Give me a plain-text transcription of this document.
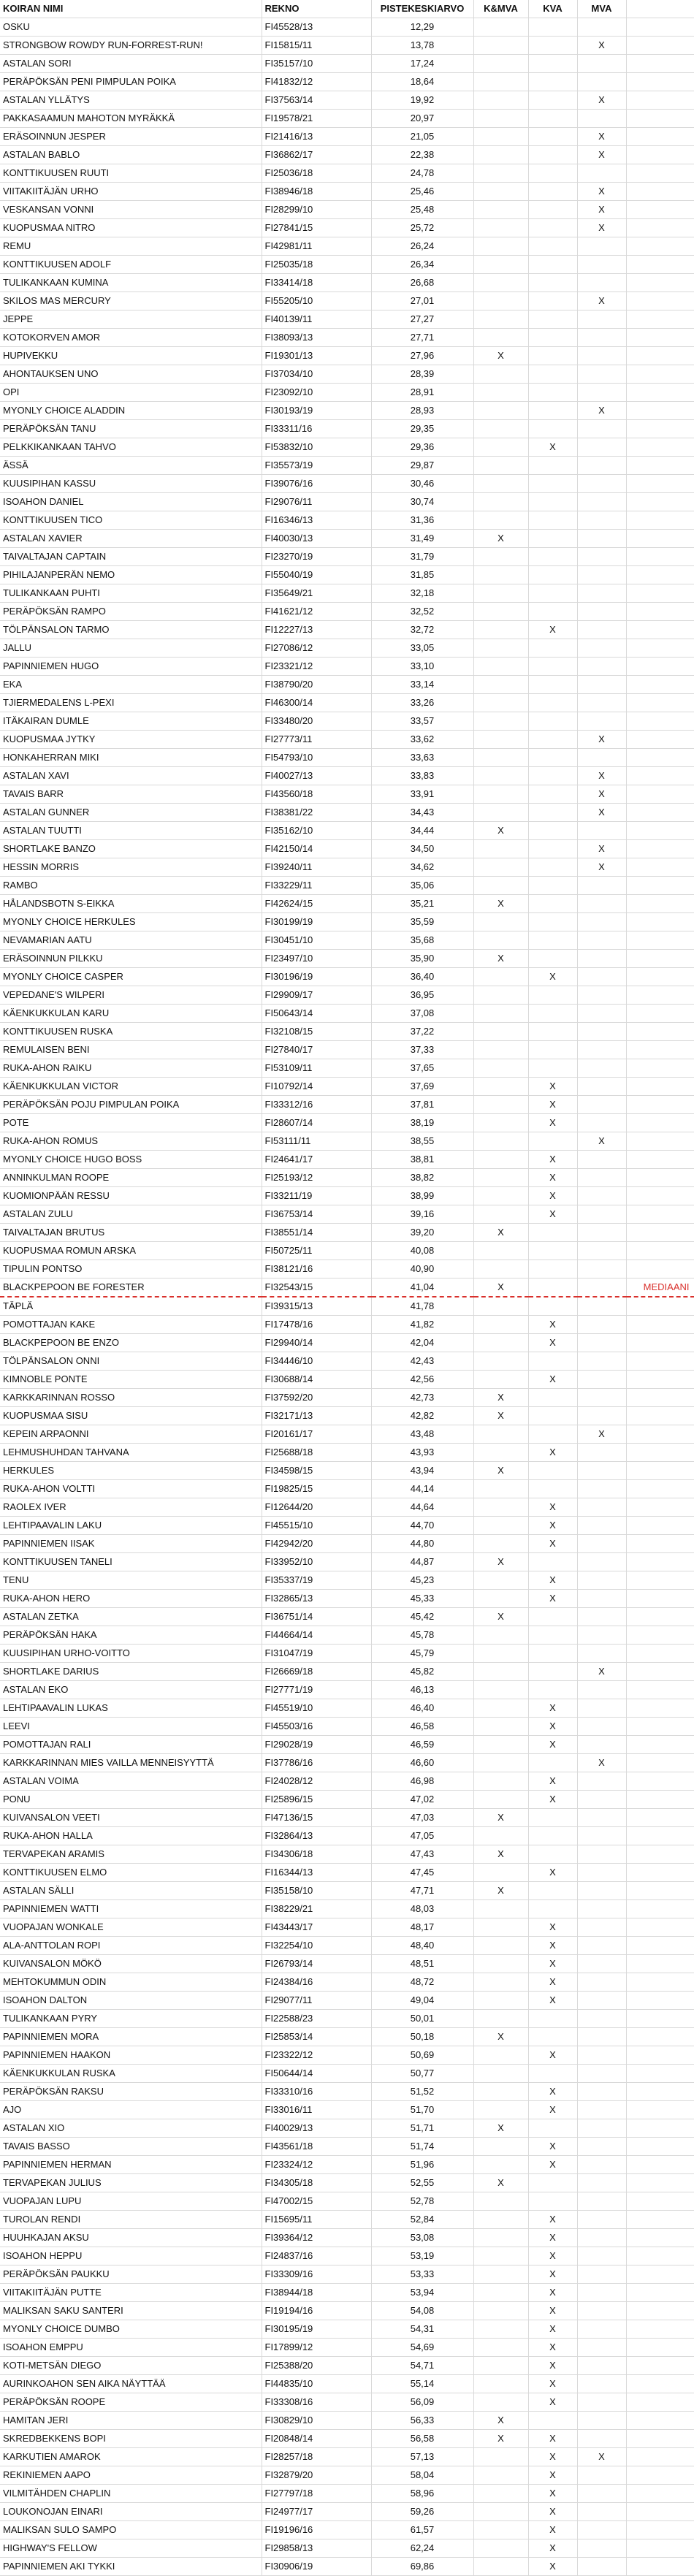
KOIRAN NIMI	REKNO	PISTEKESKIARVO	K&MVA	KVA	MVA	
OSKU	FI45528/13	12,29				
STRONGBOW ROWDY RUN-FORREST-RUN!	FI15815/11	13,78			X	
ASTALAN SORI	FI35157/10	17,24				
PERÄPÖKSÄN PENI PIMPULAN POIKA	FI41832/12	18,64				
ASTALAN YLLÄTYS	FI37563/14	19,92			X	
PAKKASAAMUN MAHOTON MYRÄKKÄ	FI19578/21	20,97				
ERÄSOINNUN JESPER	FI21416/13	21,05			X	
ASTALAN BABLO	FI36862/17	22,38			X	
KONTTIKUUSEN RUUTI	FI25036/18	24,78				
VIITAKIITÄJÄN URHO	FI38946/18	25,46			X	
VESKANSAN VONNI	FI28299/10	25,48			X	
KUOPUSMAA NITRO	FI27841/15	25,72			X	
REMU	FI42981/11	26,24				
KONTTIKUUSEN ADOLF	FI25035/18	26,34				
TULIKANKAAN KUMINA	FI33414/18	26,68				
SKILOS MAS MERCURY	FI55205/10	27,01			X	
JEPPE	FI40139/11	27,27				
KOTOKORVEN AMOR	FI38093/13	27,71				
HUPIVEKKU	FI19301/13	27,96	X			
AHONTAUKSEN UNO	FI37034/10	28,39				
OPI	FI23092/10	28,91				
MYONLY CHOICE ALADDIN	FI30193/19	28,93			X	
PERÄPÖKSÄN TANU	FI33311/16	29,35				
PELKKIKANKAAN TAHVO	FI53832/10	29,36		X		
ÄSSÄ	FI35573/19	29,87				
KUUSIPIHAN KASSU	FI39076/16	30,46				
ISOAHON DANIEL	FI29076/11	30,74				
KONTTIKUUSEN TICO	FI16346/13	31,36				
ASTALAN XAVIER	FI40030/13	31,49	X			
TAIVALTAJAN CAPTAIN	FI23270/19	31,79				
PIHILAJANPERÄN NEMO	FI55040/19	31,85				
TULIKANKAAN PUHTI	FI35649/21	32,18				
PERÄPÖKSÄN RAMPO	FI41621/12	32,52				
TÖLPÄNSALON TARMO	FI12227/13	32,72		X		
JALLU	FI27086/12	33,05				
PAPINNIEMEN HUGO	FI23321/12	33,10				
EKA	FI38790/20	33,14				
TJIERMEDALENS L-PEXI	FI46300/14	33,26				
ITÄKAIRAN DUMLE	FI33480/20	33,57				
KUOPUSMAA JYTKY	FI27773/11	33,62			X	
HONKAHERRAN MIKI	FI54793/10	33,63				
ASTALAN XAVI	FI40027/13	33,83			X	
TAVAIS BARR	FI43560/18	33,91			X	
ASTALAN GUNNER	FI38381/22	34,43			X	
ASTALAN TUUTTI	FI35162/10	34,44	X			
SHORTLAKE BANZO	FI42150/14	34,50			X	
HESSIN MORRIS	FI39240/11	34,62			X	
RAMBO	FI33229/11	35,06				
HÅLANDSBOTN S-EIKKA	FI42624/15	35,21	X			
MYONLY CHOICE HERKULES	FI30199/19	35,59				
NEVAMARIAN AATU	FI30451/10	35,68				
ERÄSOINNUN PILKKU	FI23497/10	35,90	X			
MYONLY CHOICE CASPER	FI30196/19	36,40		X		
VEPEDANE'S WILPERI	FI29909/17	36,95				
KÄENKUKKULAN KARU	FI50643/14	37,08				
KONTTIKUUSEN RUSKA	FI32108/15	37,22				
REMULAISEN BENI	FI27840/17	37,33				
RUKA-AHON RAIKU	FI53109/11	37,65				
KÄENKUKKULAN VICTOR	FI10792/14	37,69		X		
PERÄPÖKSÄN POJU PIMPULAN POIKA	FI33312/16	37,81		X		
POTE	FI28607/14	38,19		X		
RUKA-AHON ROMUS	FI53111/11	38,55			X	
MYONLY CHOICE HUGO BOSS	FI24641/17	38,81		X		
ANNINKULMAN ROOPE	FI25193/12	38,82		X		
KUOMIONPÄÄN RESSU	FI33211/19	38,99		X		
ASTALAN ZULU	FI36753/14	39,16		X		
TAIVALTAJAN BRUTUS	FI38551/14	39,20	X			
KUOPUSMAA ROMUN ARSKA	FI50725/11	40,08				
TIPULIN PONTSO	FI38121/16	40,90				
BLACKPEPOON BE FORESTER	FI32543/15	41,04	X			MEDIAANI
TÄPLÄ	FI39315/13	41,78				
POMOTTAJAN KAKE	FI17478/16	41,82		X		
BLACKPEPOON BE ENZO	FI29940/14	42,04		X		
TÖLPÄNSALON ONNI	FI34446/10	42,43				
KIMNOBLE PONTE	FI30688/14	42,56		X		
KARKKARINNAN ROSSO	FI37592/20	42,73	X			
KUOPUSMAA SISU	FI32171/13	42,82	X			
KEPEIN ARPAONNI	FI20161/17	43,48			X	
LEHMUSHUHDAN TAHVANA	FI25688/18	43,93		X		
HERKULES	FI34598/15	43,94	X			
RUKA-AHON VOLTTI	FI19825/15	44,14				
RAOLEX IVER	FI12644/20	44,64		X		
LEHTIPAAVALIN LAKU	FI45515/10	44,70		X		
PAPINNIEMEN IISAK	FI42942/20	44,80		X		
KONTTIKUUSEN TANELI	FI33952/10	44,87	X			
TENU	FI35337/19	45,23		X		
RUKA-AHON HERO	FI32865/13	45,33		X		
ASTALAN ZETKA	FI36751/14	45,42	X			
PERÄPÖKSÄN HAKA	FI44664/14	45,78				
KUUSIPIHAN URHO-VOITTO	FI31047/19	45,79				
SHORTLAKE DARIUS	FI26669/18	45,82			X	
ASTALAN EKO	FI27771/19	46,13				
LEHTIPAAVALIN LUKAS	FI45519/10	46,40		X		
LEEVI	FI45503/16	46,58		X		
POMOTTAJAN RALI	FI29028/19	46,59		X		
KARKKARINNAN MIES VAILLA MENNEISYYTTÄ	FI37786/16	46,60			X	
ASTALAN VOIMA	FI24028/12	46,98		X		
PONU	FI25896/15	47,02		X		
KUIVANSALON VEETI	FI47136/15	47,03	X			
RUKA-AHON HALLA	FI32864/13	47,05				
TERVAPEKAN ARAMIS	FI34306/18	47,43	X			
KONTTIKUUSEN ELMO	FI16344/13	47,45		X		
ASTALAN SÄLLI	FI35158/10	47,71	X			
PAPINNIEMEN WATTI	FI38229/21	48,03				
VUOPAJAN WONKALE	FI43443/17	48,17		X		
ALA-ANTTOLAN ROPI	FI32254/10	48,40		X		
KUIVANSALON MÖKÖ	FI26793/14	48,51		X		
MEHTOKUMMUN ODIN	FI24384/16	48,72		X		
ISOAHON DALTON	FI29077/11	49,04		X		
TULIKANKAAN PYRY	FI22588/23	50,01				
PAPINNIEMEN MORA	FI25853/14	50,18	X			
PAPINNIEMEN HAAKON	FI23322/12	50,69		X		
KÄENKUKKULAN RUSKA	FI50644/14	50,77				
PERÄPÖKSÄN RAKSU	FI33310/16	51,52		X		
AJO	FI33016/11	51,70		X		
ASTALAN XIO	FI40029/13	51,71	X			
TAVAIS BASSO	FI43561/18	51,74		X		
PAPINNIEMEN HERMAN	FI23324/12	51,96		X		
TERVAPEKAN JULIUS	FI34305/18	52,55	X			
VUOPAJAN LUPU	FI47002/15	52,78				
TUROLAN RENDI	FI15695/11	52,84		X		
HUUHKAJAN AKSU	FI39364/12	53,08		X		
ISOAHON HEPPU	FI24837/16	53,19		X		
PERÄPÖKSÄN PAUKKU	FI33309/16	53,33		X		
VIITAKIITÄJÄN PUTTE	FI38944/18	53,94		X		
MALIKSAN SAKU SANTERI	FI19194/16	54,08		X		
MYONLY CHOICE DUMBO	FI30195/19	54,31		X		
ISOAHON EMPPU	FI17899/12	54,69		X		
KOTI-METSÄN DIEGO	FI25388/20	54,71		X		
AURINKOAHON SEN AIKA NÄYTTÄÄ	FI44835/10	55,14		X		
PERÄPÖKSÄN ROOPE	FI33308/16	56,09		X		
HAMITAN JERI	FI30829/10	56,33	X			
SKREDBEKKENS BOPI	FI20848/14	56,58	X	X		
KARKUTIEN AMAROK	FI28257/18	57,13		X	X	
REKINIEMEN AAPO	FI32879/20	58,04		X		
VILMITÄHDEN CHAPLIN	FI27797/18	58,96		X		
LOUKONOJAN EINARI	FI24977/17	59,26		X		
MALIKSAN SULO SAMPO	FI19196/16	61,57		X		
HIGHWAY'S FELLOW	FI29858/13	62,24		X		
PAPINNIEMEN AKI TYKKI	FI30906/19	69,86		X		
